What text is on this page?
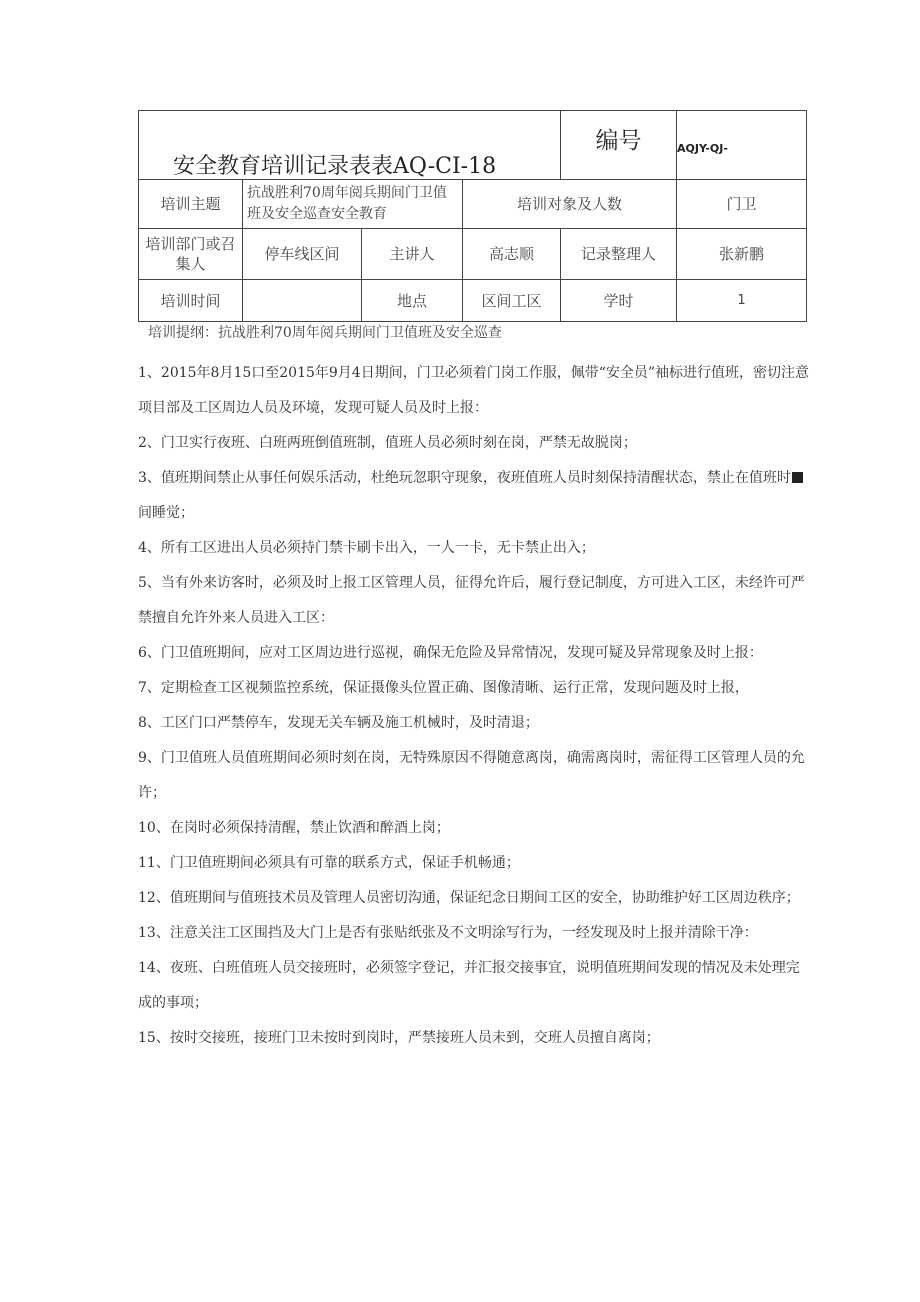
安全教育培训记录表表AQ-CI-18				编号	AQJY-QJ-
培训主题	抗战胜利70周年阅兵期间门卫值班及安全巡查安全教育		培训对象及人数		门卫
培训部门或召集人	停车线区间	主讲人	高志顺	记录整理人	张新鹏
培训时间		地点	区间工区	学时	1
培训提纲：抗战胜利70周年阅兵期间门卫值班及安全巡查

1、2015年8月15口至2015年9月4日期间，门卫必须着门岗工作服，佩带“安全员”袖标进行值班，密切注意项目部及工区周边人员及环境，发现可疑人员及时上报：

2、门卫实行夜班、白班两班倒值班制，值班人员必须时刻在岗，严禁无故脱岗；

3、值班期间禁止从事任何娱乐活动，杜绝玩忽职守现象，夜班值班人员时刻保持清醒状态，禁止在值班时间睡觉；

4、所有工区进出人员必须持门禁卡刷卡出入，一人一卡，无卡禁止出入；

5、当有外来访客时，必须及时上报工区管理人员，征得允许后，履行登记制度，方可进入工区，未经许可严禁擅自允许外来人员进入工区：

6、门卫值班期间，应对工区周边进行巡视，确保无危险及异常情况，发现可疑及异常现象及时上报：

7、定期检查工区视频监控系统，保证摄像头位置正确、图像清晰、运行正常，发现问题及时上报，

8、工区门口严禁停车，发现无关车辆及施工机械时，及时清退；

9、门卫值班人员值班期间必须时刻在岗，无特殊原因不得随意离岗，确需离岗时，需征得工区管理人员的允许；

10、在岗时必须保持清醒，禁止饮酒和醉酒上岗；

11、门卫值班期间必须具有可靠的联系方式，保证手机畅通；

12、值班期间与值班技术员及管理人员密切沟通，保证纪念日期间工区的安全，协助维护好工区周边秩序；

13、注意关注工区围挡及大门上是否有张贴纸张及不文明涂写行为，一经发现及时上报并清除干净：

14、夜班、白班值班人员交接班时，必须签字登记，并汇报交接事宜，说明值班期间发现的情况及未处理完成的事项；

15、按时交接班，接班门卫未按时到岗时，严禁接班人员未到，交班人员擅自离岗；
